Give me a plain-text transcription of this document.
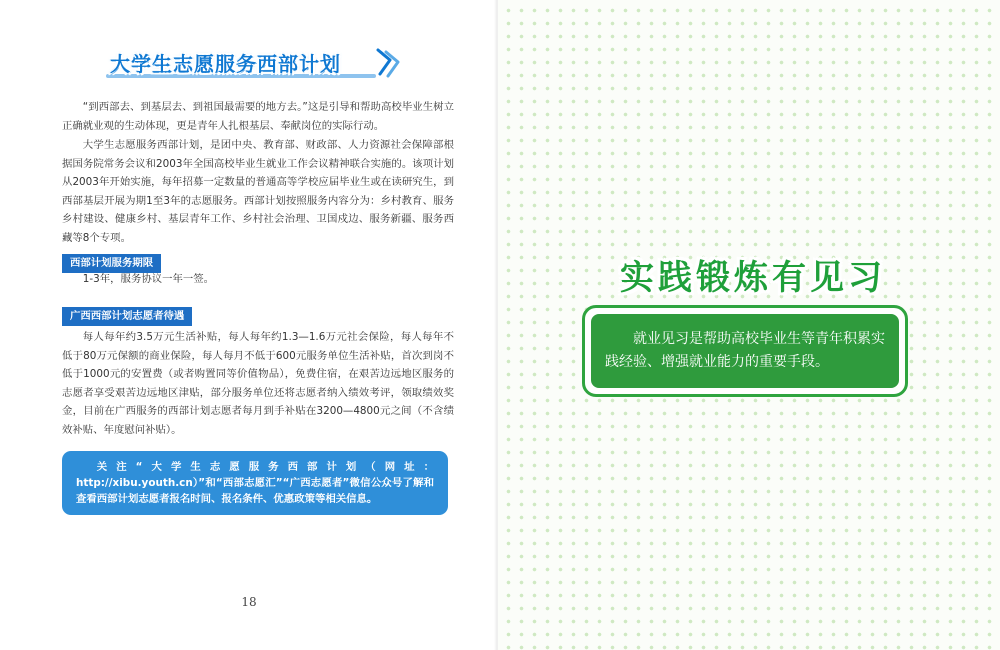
大学生志愿服务西部计划

“到西部去、到基层去、到祖国最需要的地方去。”这是引导和帮助高校毕业生树立正确就业观的生动体现，更是青年人扎根基层、奉献岗位的实际行动。

大学生志愿服务西部计划，是团中央、教育部、财政部、人力资源社会保障部根据国务院常务会议和2003年全国高校毕业生就业工作会议精神联合实施的。该项计划从2003年开始实施，每年招募一定数量的普通高等学校应届毕业生或在读研究生，到西部基层开展为期1至3年的志愿服务。西部计划按照服务内容分为：乡村教育、服务乡村建设、健康乡村、基层青年工作、乡村社会治理、卫国戍边、服务新疆、服务西藏等8个专项。

西部计划服务期限

1-3年，服务协议一年一签。

广西西部计划志愿者待遇

每人每年约3.5万元生活补贴，每人每年约1.3—1.6万元社会保险，每人每年不低于80万元保额的商业保险，每人每月不低于600元服务单位生活补贴，首次到岗不低于1000元的安置费（或者购置同等价值物品），免费住宿，在艰苦边远地区服务的志愿者享受艰苦边远地区津贴，部分服务单位还将志愿者纳入绩效考评，领取绩效奖金，目前在广西服务的西部计划志愿者每月到手补贴在3200—4800元之间（不含绩效补贴、年度慰问补贴）。

关注“大学生志愿服务西部计划（网址：http://xibu.youth.cn）”和“西部志愿汇”“广西志愿者”微信公众号了解和查看西部计划志愿者报名时间、报名条件、优惠政策等相关信息。

18
实践锻炼有见习

就业见习是帮助高校毕业生等青年积累实践经验、增强就业能力的重要手段。
